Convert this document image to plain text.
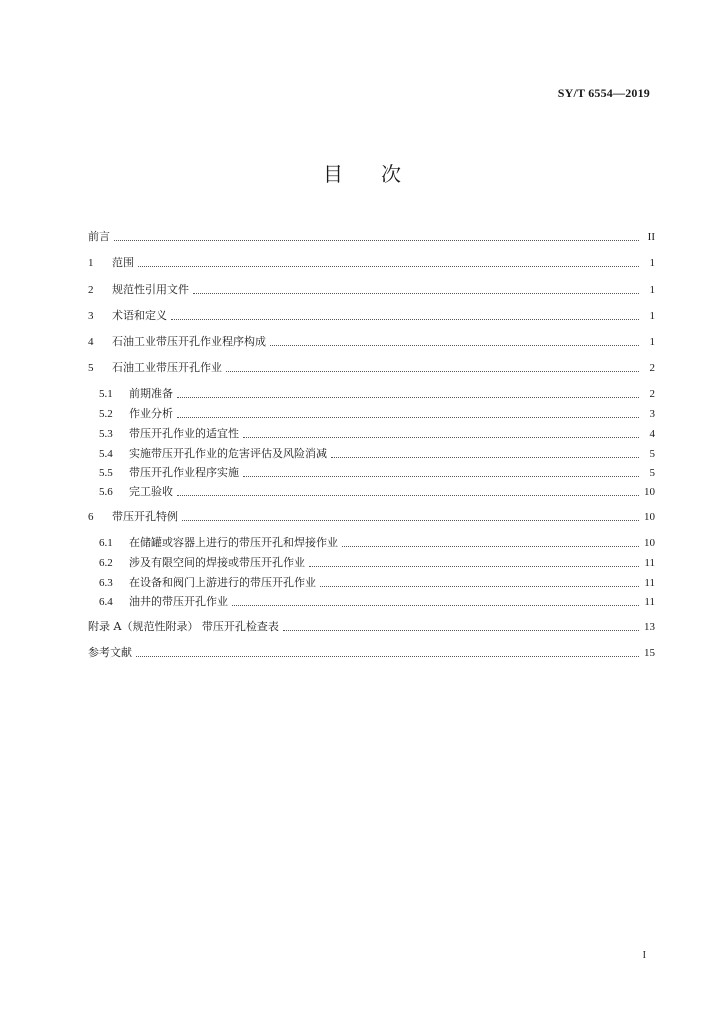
SY/T 6554—2019
目次
前言	II
1	范围	1
2	规范性引用文件	1
3	术语和定义	1
4	石油工业带压开孔作业程序构成	1
5	石油工业带压开孔作业	2
5.1	前期准备	2
5.2	作业分析	3
5.3	带压开孔作业的适宜性	4
5.4	实施带压开孔作业的危害评估及风险消减	5
5.5	带压开孔作业程序实施	5
5.6	完工验收	10
6	带压开孔特例	10
6.1	在储罐或容器上进行的带压开孔和焊接作业	10
6.2	涉及有限空间的焊接或带压开孔作业	11
6.3	在设备和阀门上游进行的带压开孔作业	11
6.4	油井的带压开孔作业	11
附录 A（规范性附录） 带压开孔检查表	13
参考文献	15
I
